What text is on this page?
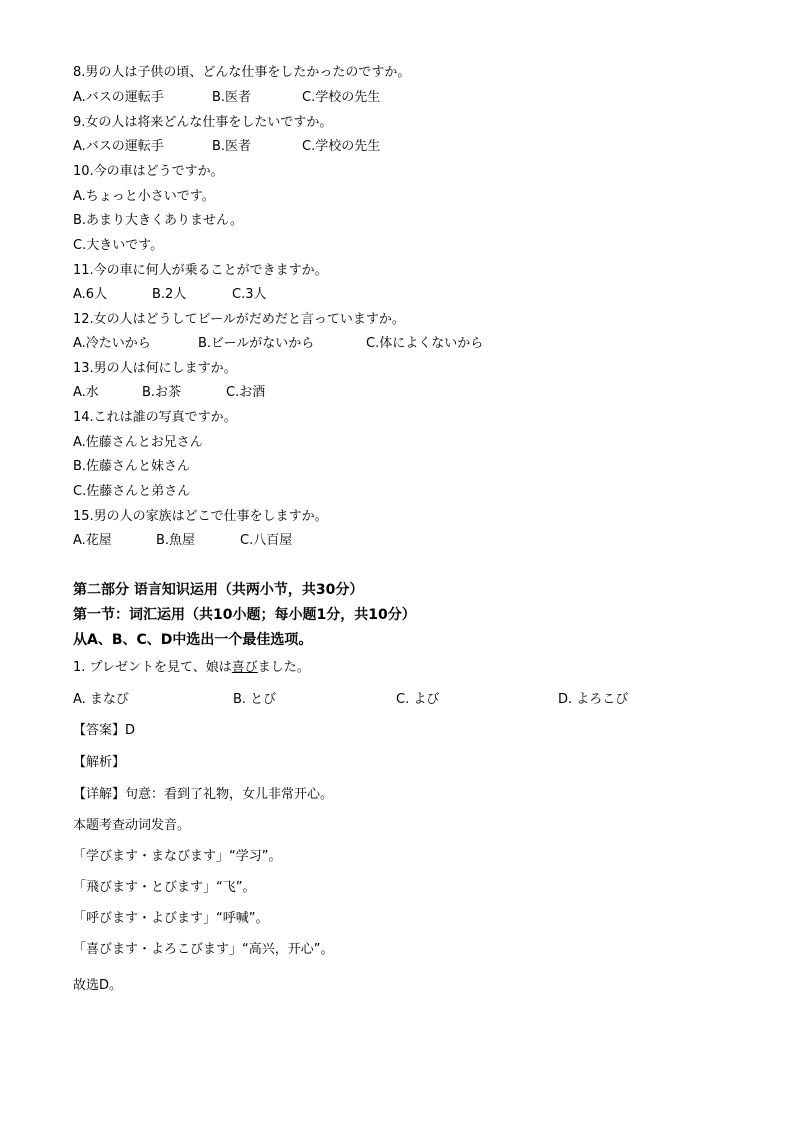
8.男の人は子供の頃、どんな仕事をしたかったのですか。
A.バスの運転手	B.医者	C.学校の先生
9.女の人は将来どんな仕事をしたいですか。
A.バスの運転手	B.医者	C.学校の先生
10.今の車はどうですか。
A.ちょっと小さいです。
B.あまり大きくありません。
C.大きいです。
11.今の車に何人が乗ることができますか。
A.6人	B.2人	C.3人
12.女の人はどうしてビールがだめだと言っていますか。
A.冷たいから	B.ビールがないから	C.体によくないから
13.男の人は何にしますか。
A.水	B.お茶	C.お酒
14.これは誰の写真ですか。
A.佐藤さんとお兄さん
B.佐藤さんと妹さん
C.佐藤さんと弟さん
15.男の人の家族はどこで仕事をしますか。
A.花屋	B.魚屋	C.八百屋
第二部分 语言知识运用（共两小节，共30分）
第一节：词汇运用（共10小题；每小题1分，共10分）
从A、B、C、D中选出一个最佳选项。
1. プレゼントを見て、娘は喜びました。
A. まなび	B. とび	C. よび	D. よろこび
【答案】D
【解析】
【详解】句意：看到了礼物，女儿非常开心。
本题考查动词发音。
「学びます・まなびます」“学习”。
「飛びます・とびます」“飞”。
「呼びます・よびます」“呼喊”。
「喜びます・よろこびます」“高兴，开心”。
故选D。
